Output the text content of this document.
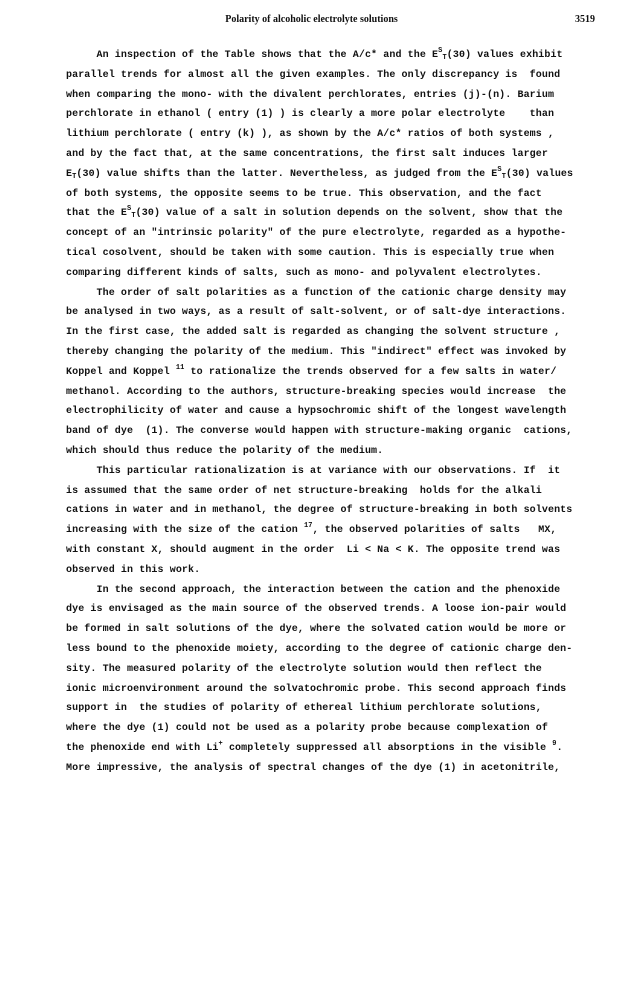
Polarity of alcoholic electrolyte solutions	3519
An inspection of the Table shows that the A/c* and the $E^S_T(30)$ values exhibit
parallel trends for almost all the given examples. The only discrepancy is  found
when comparing the mono- with the divalent perchlorates, entries (j)-(n). Barium
perchlorate in ethanol ( entry (1) ) is clearly a more polar electrolyte    than
lithium perchlorate ( entry (k) ), as shown by the A/c* ratios of both systems ,
and by the fact that, at the same concentrations, the first salt induces larger
$E_T(30)$ value shifts than the latter. Nevertheless, as judged from the $E^S_T(30)$ values
of both systems, the opposite seems to be true. This observation, and the fact
that the $E^S_T(30)$ value of a salt in solution depends on the solvent, show that the
concept of an "intrinsic polarity" of the pure electrolyte, regarded as a hypothe-
tical cosolvent, should be taken with some caution. This is especially true when
comparing different kinds of salts, such as mono- and polyvalent electrolytes.
The order of salt polarities as a function of the cationic charge density may
be analysed in two ways, as a result of salt-solvent, or of salt-dye interactions.
In the first case, the added salt is regarded as changing the solvent structure ,
thereby changing the polarity of the medium. This "indirect" effect was invoked by
Koppel and Koppel $^{11}$ to rationalize the trends observed for a few salts in water/
methanol. According to the authors, structure-breaking species would increase  the
electrophilicity of water and cause a hypsochromic shift of the longest wavelength
band of dye  (1). The converse would happen with structure-making organic  cations,
which should thus reduce the polarity of the medium.
This particular rationalization is at variance with our observations. If  it
is assumed that the same order of net structure-breaking  holds for the alkali
cations in water and in methanol, the degree of structure-breaking in both solvents
increasing with the size of the cation $^{17}$, the observed polarities of salts   MX,
with constant X, should augment in the order  Li < Na < K. The opposite trend was
observed in this work.
In the second approach, the interaction between the cation and the phenoxide
dye is envisaged as the main source of the observed trends. A loose ion-pair would
be formed in salt solutions of the dye, where the solvated cation would be more or
less bound to the phenoxide moiety, according to the degree of cationic charge den-
sity. The measured polarity of the electrolyte solution would then reflect the
ionic microenvironment around the solvatochromic probe. This second approach finds
support in  the studies of polarity of ethereal lithium perchlorate solutions,
where the dye (1) could not be used as a polarity probe because complexation of
the phenoxide end with Li+ completely suppressed all absorptions in the visible $^9$.
More impressive, the analysis of spectral changes of the dye (1) in acetonitrile,
